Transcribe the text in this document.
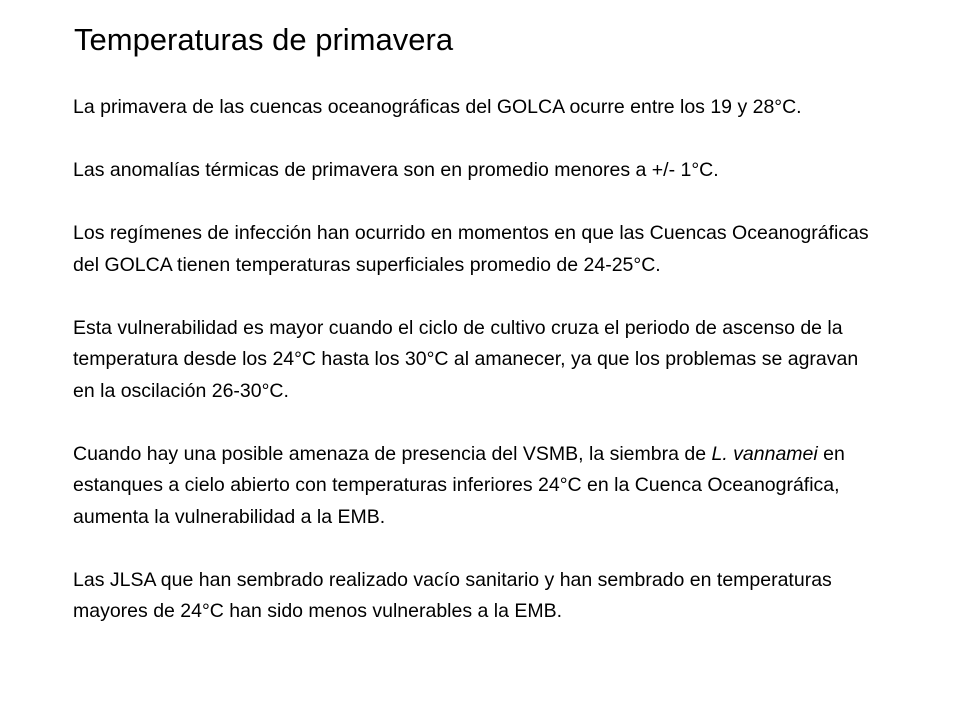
Temperaturas de primavera

La primavera de las cuencas oceanográficas del GOLCA ocurre entre los 19 y 28°C.

Las anomalías térmicas de primavera son en promedio menores a +/- 1°C.

Los regímenes de infección han ocurrido en momentos en que las Cuencas Oceanográficas del GOLCA tienen temperaturas superficiales promedio de 24-25°C.

Esta vulnerabilidad es mayor cuando el ciclo de cultivo cruza el periodo de ascenso de la temperatura desde los 24°C hasta los 30°C al amanecer, ya que los problemas se agravan en la oscilación 26-30°C.

Cuando hay una posible amenaza de presencia del VSMB, la siembra de L. vannamei en estanques a cielo abierto con temperaturas inferiores 24°C en la Cuenca Oceanográfica, aumenta la vulnerabilidad a la EMB.

Las JLSA que han sembrado realizado vacío sanitario y han sembrado en temperaturas mayores de 24°C han sido menos vulnerables a la EMB.
